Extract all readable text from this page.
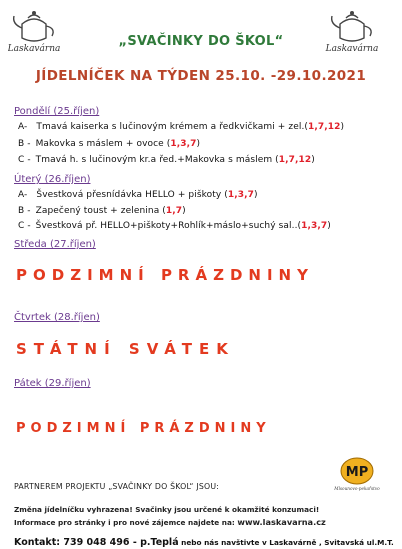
Laskavárna	Laskavárna
„SVAČINKY DO ŠKOL“
JÍDELNÍČEK NA TÝDEN 25.10. -29.10.2021
Pondělí (25.říjen)
A- Tmavá kaiserka s lučinovým krémem a ředkvičkami + zel.(1,7,12)
B - Makovka s máslem + ovoce (1,3,7)
C - Tmavá h. s lučinovým kr.a řed.+Makovka s máslem (1,7,12)
Úterý (26.říjen)
A- Švestková přesnídávka HELLO + piškoty (1,3,7)
B - Zapečený toust + zelenina (1,7)
C - Švestková př. HELLO+piškoty+Rohlík+máslo+suchý sal..(1,3,7)
Středa (27.říjen)
PODZIMNÍ PRÁZDNINY
Čtvrtek (28.říjen)
STÁTNÍ SVÁTEK
Pátek (29.říjen)
PODZIMNÍ PRÁZDNINY
PARTNEREM PROJEKTU „SVAČINKY DO ŠKOL“ JSOU:
MP
Mlsounovo-pekařstvo
Změna jídelníčku vyhrazena! Svačinky jsou určené k okamžité konzumaci!
Informace pro stránky i pro nové zájemce najdete na: www.laskavarna.cz
Kontakt: 739 048 496 - p.Teplá nebo nás navštivte v Laskavárně , Svitavská ul.M.T.
